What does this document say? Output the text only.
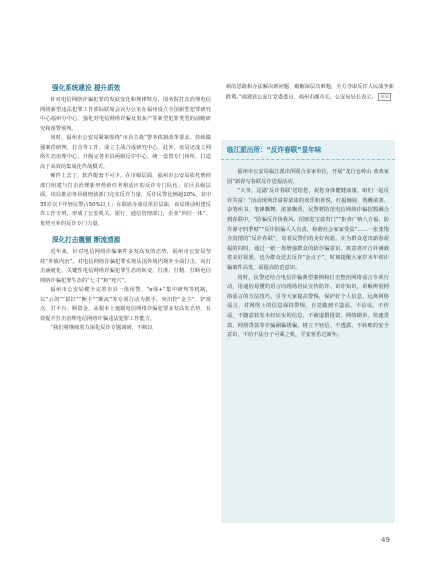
强化系统建设 提升质效

针对电信网络诈骗犯罪的发展变化和规律特点，国务院打击治理电信网络新型违法犯罪工作部际联席会议办公室在福州设立全国新型犯罪研究中心福州分中心，强化对电信网络诈骗及黑灰产等新型犯罪类型的前瞻研究和预警预判。

同时，福州市公安局紧紧围绕“市县主战”警务机制改革要求，持续做强案件研判、打击等工作，成立主战合成研究中心。此外，该局还成立网络生态治理中心，升级完善市县两级反诈中心，统一设置专门场所，打造高于高效的集成化作战模式。

硬件上去了，软件配套不可少。在市级层面，福州市公安局依托刑侦部门组建与打击治理新形势新任务相适应的反诈专门队伍；在区县级层面，该局推动各县级刑侦部门完实反诈力量，反诈民警比例超10%，其中35岁以下年轻民警占50%以上；在联席办成员单位层面，该局推动组建反诈工作专班，形成了公安机关、银行、通信管理部门、企业“四位一体”、优势互补的反诈专门力量。

深化打击震慑 断流清源

近年来，针对电信网络诈骗案件多发高发的态势，福州市公安局坚持“外镇内治”，对电信网络诈骗犯罪实现从国外境内境外全面打击，向打击涵链化、关键性电信网络诈骗犯罪生态的转变，打准、打精、打断电信网络诈骗犯罪生态的“七寸”和“死穴”。

福州市公安局健全完善市县一体用警、“e体+”集中研判等机制，以“云剑”“拔钉”“断卡”“断流”等专项行动为抓手，突出控“金主”、铲窝点、打平台、断资金，从根本上遏制电信网络诈骗犯罪多发高发态势，有效提升打击治理电信网络诈骗违法犯罪工作能力。

“我们将继续着力深化反诈专题调研，不断以

新的思路和办法解决新问题、破解深层次难题，全力夺取反诈人民战争新胜利。”福建省公安厅党委委员、福州市副市长、公安局局长表示。 新闻

临江派出所：“反诈春联”显年味

福州市公安局临江派出所联合多家单位，开展“龙行仓岭山 欢欢家园”新春写春联反诈送福活动。

“大爷，这副‘反诈春联’送给您，祝您身体健健康康，咱们一起反诈共富！”活动现场洋溢着浓浓的欢乐和喜悦，红福辅展、饱醮浓墨、奋笔疾书，笔锋飘舞、浓墨飘香，民警将防范电信网络诈骗招数融合到春联中，“防骗反诈扬我风，招财进宝富贵门”“拒查广纳八方福，防诈谨守四季财”“反诈防骗人人有责，和谐社会家家受益”……一张张饱含真情的“反诈春联”，寄着民警们的美好祝愿。在为群众送出新春祝福的同时，通过一纸一墨增强群众的防诈骗意识。寓意喜庆吉祥满载着美好祝愿，也为群众送去反诈“金点子”，时刻提醒大家岁末年初诈骗案件高发，需提高防范意识。

同时，民警还结合电信诈骗典型案例和打击整治网络谣言专项行动，用通俗易懂的语言向现场居民宣传防诈、识诈知识，讲解辨别网络谣言的方法技巧，引导大家提高警惕，保护好个人信息，远离网络谣言，对网络上的信息保持警惕，自觉做到不造谣、不信谣、不传谣，不随意转发未经证实的信息，不被虚假投资、网络刷单、快速贷款、网络贷款等诈骗圈骗诱骗，树立不轻信、不透露、不转账的安全意识，不给不法分子可乘之机，平安喜乐过新年。

49
